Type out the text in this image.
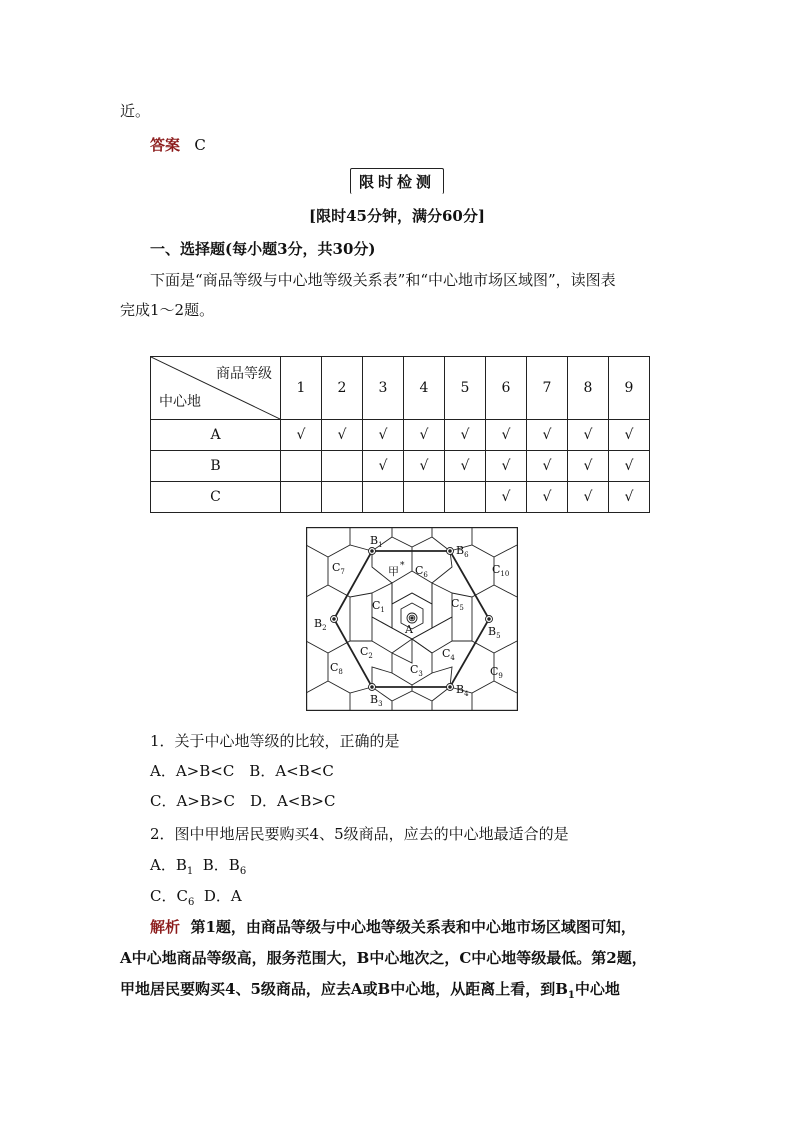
近。
答案 C
限时检测
[限时45分钟，满分60分]
一、选择题(每小题3分，共30分)
下面是“商品等级与中心地等级关系表”和“中心地市场区域图”，读图表
完成1～2题。
商品等级
中心地	1	2	3	4	5	6	7	8	9
A	√	√	√	√	√	√	√	√	√
B			√	√	√	√	√	√	√
C						√	√	√	√
A
$B_1$
$B_2$
$B_3$
$B_4$
$B_5$
$B_6$
$C_1$
$C_2$
$C_3$
$C_4$
$C_5$
$C_6$
$C_7$
$C_8$	$C_9$
$C_{10}$
甲 *
1．关于中心地等级的比较，正确的是
A．A>B<C　B．A<B<C
C．A>B>C　D．A<B>C
2．图中甲地居民要购买4、5级商品，应去的中心地最适合的是
A．$B_1$ B．$B_6$
C．$C_6$ D．A
解析 第1题，由商品等级与中心地等级关系表和中心地市场区域图可知，
A中心地商品等级高，服务范围大，B中心地次之，C中心地等级最低。第2题，
甲地居民要购买4、5级商品，应去A或B中心地，从距离上看，到$B_1$中心地
